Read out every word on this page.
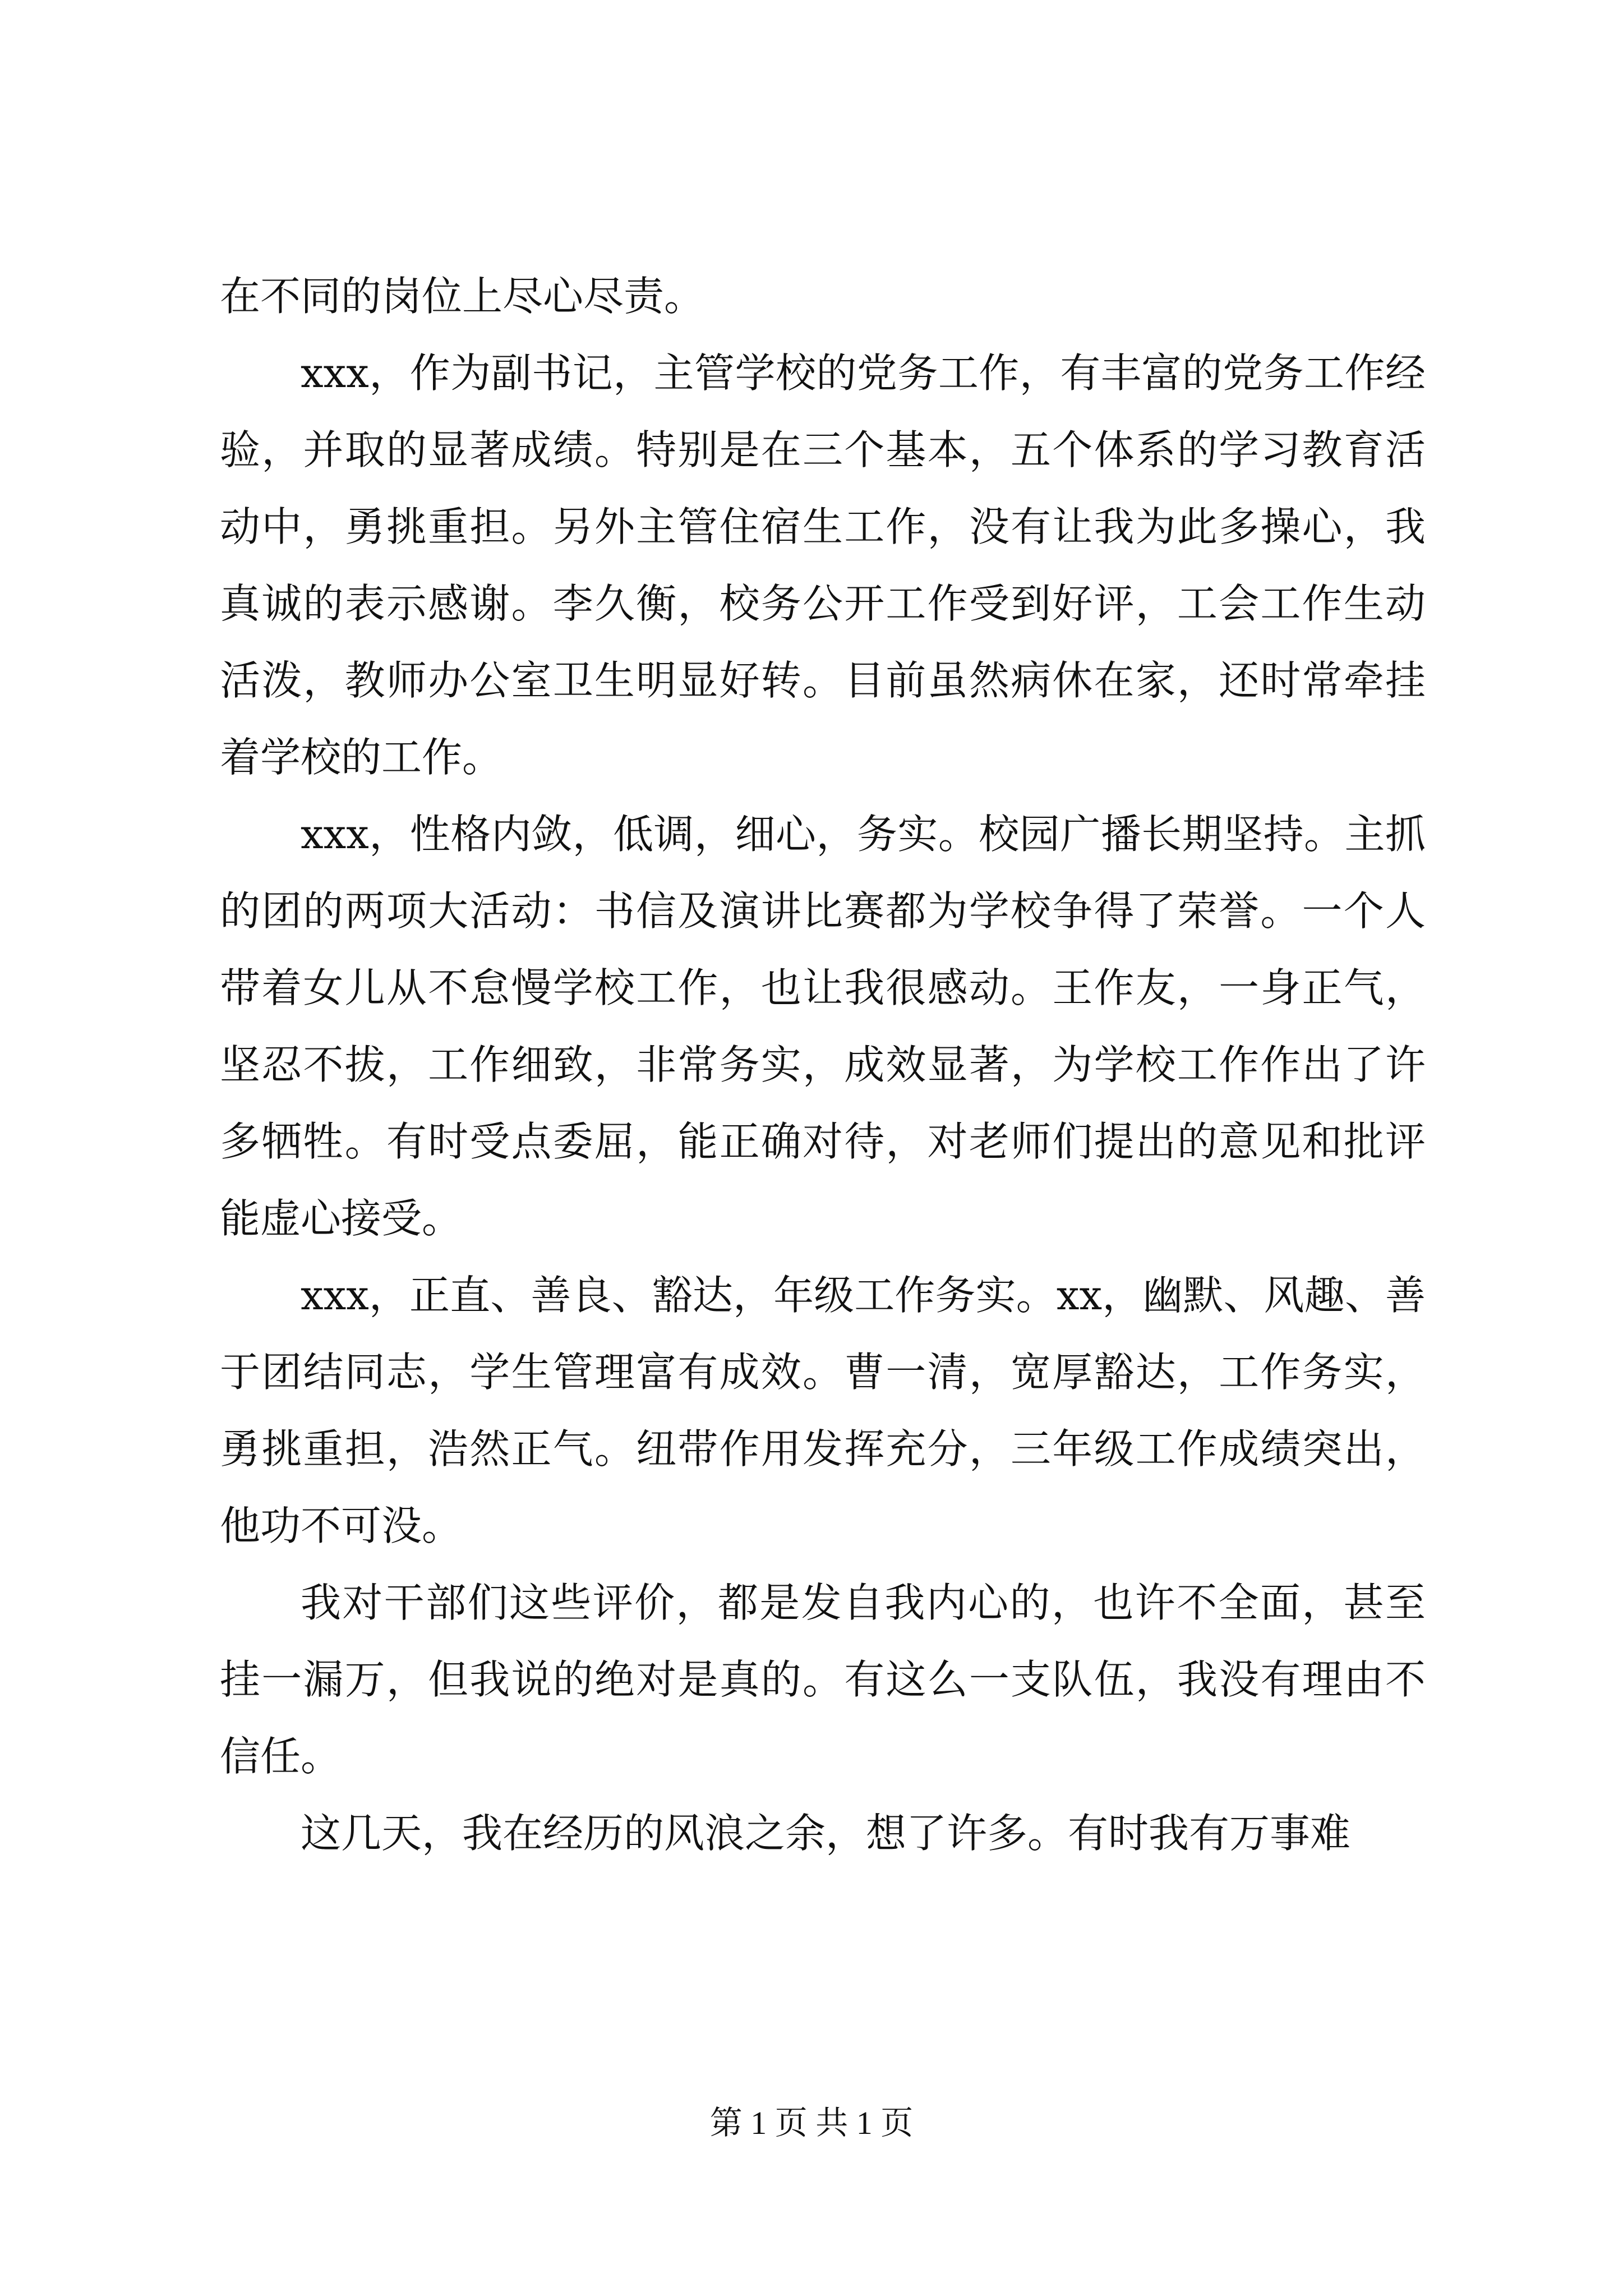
在不同的岗位上尽心尽责。

xxx，作为副书记，主管学校的党务工作，有丰富的党务工作经验，并取的显著成绩。特别是在三个基本，五个体系的学习教育活动中，勇挑重担。另外主管住宿生工作，没有让我为此多操心，我真诚的表示感谢。李久衡，校务公开工作受到好评，工会工作生动活泼，教师办公室卫生明显好转。目前虽然病休在家，还时常牵挂着学校的工作。

xxx，性格内敛，低调，细心，务实。校园广播长期坚持。主抓的团的两项大活动：书信及演讲比赛都为学校争得了荣誉。一个人带着女儿从不怠慢学校工作，也让我很感动。王作友，一身正气，坚忍不拔，工作细致，非常务实，成效显著，为学校工作作出了许多牺牲。有时受点委屈，能正确对待，对老师们提出的意见和批评能虚心接受。

xxx，正直、善良、豁达，年级工作务实。xx，幽默、风趣、善于团结同志，学生管理富有成效。曹一清，宽厚豁达，工作务实，勇挑重担，浩然正气。纽带作用发挥充分，三年级工作成绩突出，他功不可没。

我对干部们这些评价，都是发自我内心的，也许不全面，甚至挂一漏万，但我说的绝对是真的。有这么一支队伍，我没有理由不信任。

这几天，我在经历的风浪之余，想了许多。有时我有万事难

第 1 页 共 1 页
